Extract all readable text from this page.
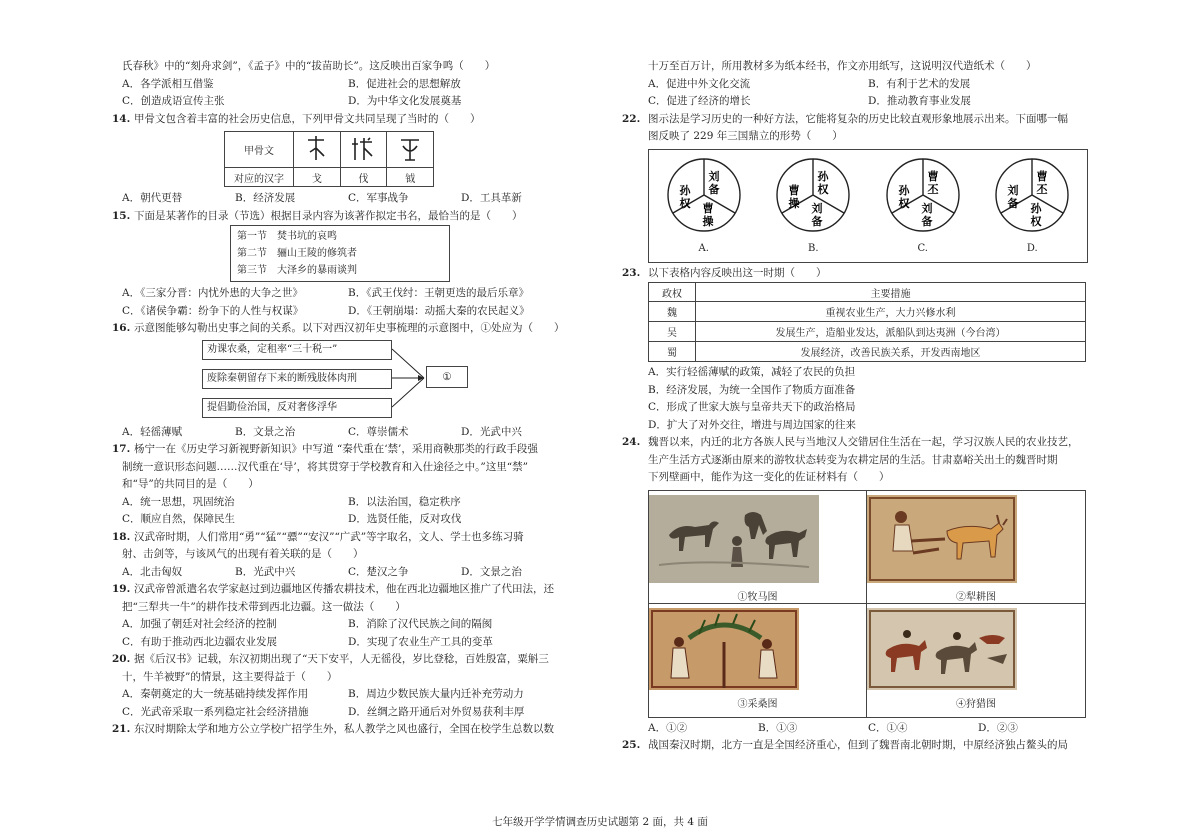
氏春秋》中的“刻舟求剑”，《孟子》中的“拔苗助长”。这反映出百家争鸣（　　）
A．各学派相互借鉴	B．促进社会的思想解放
C．创造成语宣传主张	D．为中华文化发展奠基
14. 甲骨文包含着丰富的社会历史信息，下列甲骨文共同呈现了当时的（　　）
甲骨文			
对应的汉字	戈	伐	钺
A．朝代更替	B．经济发展	C．军事战争	D．工具革新
15. 下面是某著作的目录（节选）根据目录内容为该著作拟定书名，最恰当的是（　　）
第一节　焚书坑的哀鸣
第二节　骊山王陵的修筑者
第三节　大泽乡的暴雨谈判
A．《三家分晋：内忧外患的大争之世》	B．《武王伐纣：王朝更迭的最后乐章》
C．《诸侯争霸：纷争下的人性与权谋》	D．《王朝崩塌：动摇大秦的农民起义》
16. 示意图能够勾勒出史事之间的关系。以下对西汉初年史事梳理的示意图中，①处应为（　　）
劝课农桑，定租率“三十税一”
废除秦朝留存下来的断残肢体肉刑
提倡勤俭治国，反对奢侈浮华
①
A．轻徭薄赋	B．文景之治	C．尊崇儒术	D．光武中兴
17. 杨宁一在《历史学习新视野新知识》中写道 “秦代重在‘禁’，采用商鞅那类的行政手段强
制统一意识形态问题……汉代重在‘导’，将其贯穿于学校教育和入仕途径之中。”这里“禁”
和“导”的共同目的是（　　）
A．统一思想，巩固统治	B．以法治国，稳定秩序
C．顺应自然，保障民生	D．选贤任能，反对攻伐
18. 汉武帝时期，人们常用“勇”“猛”“骠”“安汉”“广武”等字取名，文人、学士也多练习骑
射、击剑等，与该风气的出现有着关联的是（　　）
A．北击匈奴	B．光武中兴	C．楚汉之争	D．文景之治
19. 汉武帝曾派遣名农学家赵过到边疆地区传播农耕技术，他在西北边疆地区推广了代田法，还
把“三犁共一牛”的耕作技术带到西北边疆。这一做法（　　）
A．加强了朝廷对社会经济的控制	B．消除了汉代民族之间的隔阂
C．有助于推动西北边疆农业发展	D．实现了农业生产工具的变革
20. 据《后汉书》记载，东汉初期出现了“天下安平，人无徭役，岁比登稔，百姓殷富，粟斛三
十，牛羊被野”的情景，这主要得益于（　　）
A．秦朝奠定的大一统基础持续发挥作用	B．周边少数民族大量内迁补充劳动力
C．光武帝采取一系列稳定社会经济措施	D．丝绸之路开通后对外贸易获利丰厚
21. 东汉时期除太学和地方公立学校广招学生外，私人教学之风也盛行，全国在校学生总数以数
十万至百万计，所用教材多为纸本经书，作文亦用纸写，这说明汉代造纸术（　　）
A．促进中外文化交流	B．有利于艺术的发展
C．促进了经济的增长	D．推动教育事业发展
22. 图示法是学习历史的一种好方法，它能将复杂的历史比较直观形象地展示出来。下面哪一幅
图反映了 229 年三国鼎立的形势（　　）
刘
备
孙
权 曹
操
A.
孙
权
曹
操 刘
备
B.
曹
丕
孙
权 刘
备
C.
曹
丕
刘
备 孙
权
D.
23. 以下表格内容反映出这一时期（　　）
政权	主要措施
魏	重视农业生产，大力兴修水利
吴	发展生产，造船业发达，派船队到达夷洲（今台湾）
蜀	发展经济，改善民族关系，开发西南地区
A．实行轻徭薄赋的政策，减轻了农民的负担
B．经济发展，为统一全国作了物质方面准备
C．形成了世家大族与皇帝共天下的政治格局
D．扩大了对外交往，增进与周边国家的往来
24. 魏晋以来，内迁的北方各族人民与当地汉人交错居住生活在一起，学习汉族人民的农业技艺，
生产生活方式逐渐由原来的游牧状态转变为农耕定居的生活。甘肃嘉峪关出土的魏晋时期
下列壁画中，能作为这一变化的佐证材料有（　　）
①牧马图	②犁耕图
③采桑图	④狩猎图
A．①②	B．①③	C．①④	D．②③
25. 战国秦汉时期，北方一直是全国经济重心，但到了魏晋南北朝时期，中原经济独占鳌头的局
七年级开学学情调查历史试题第 2 面，共 4 面
